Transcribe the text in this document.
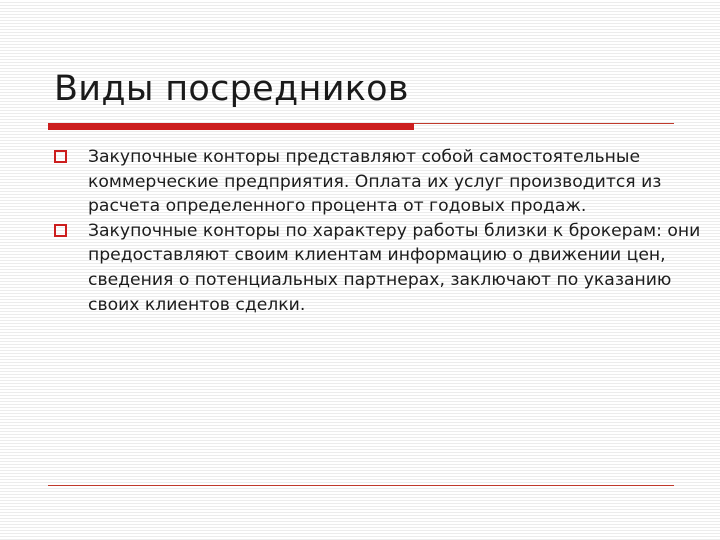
Виды посредников
Закупочные конторы представляют собой самостоятельные коммерческие предприятия. Оплата их услуг производится из расчета определенного процента от годовых продаж.
Закупочные конторы по характеру работы близки к брокерам: они предоставляют своим клиентам информацию о движении цен, сведения о потенциальных партнерах, заключают по указанию своих клиентов сделки.
